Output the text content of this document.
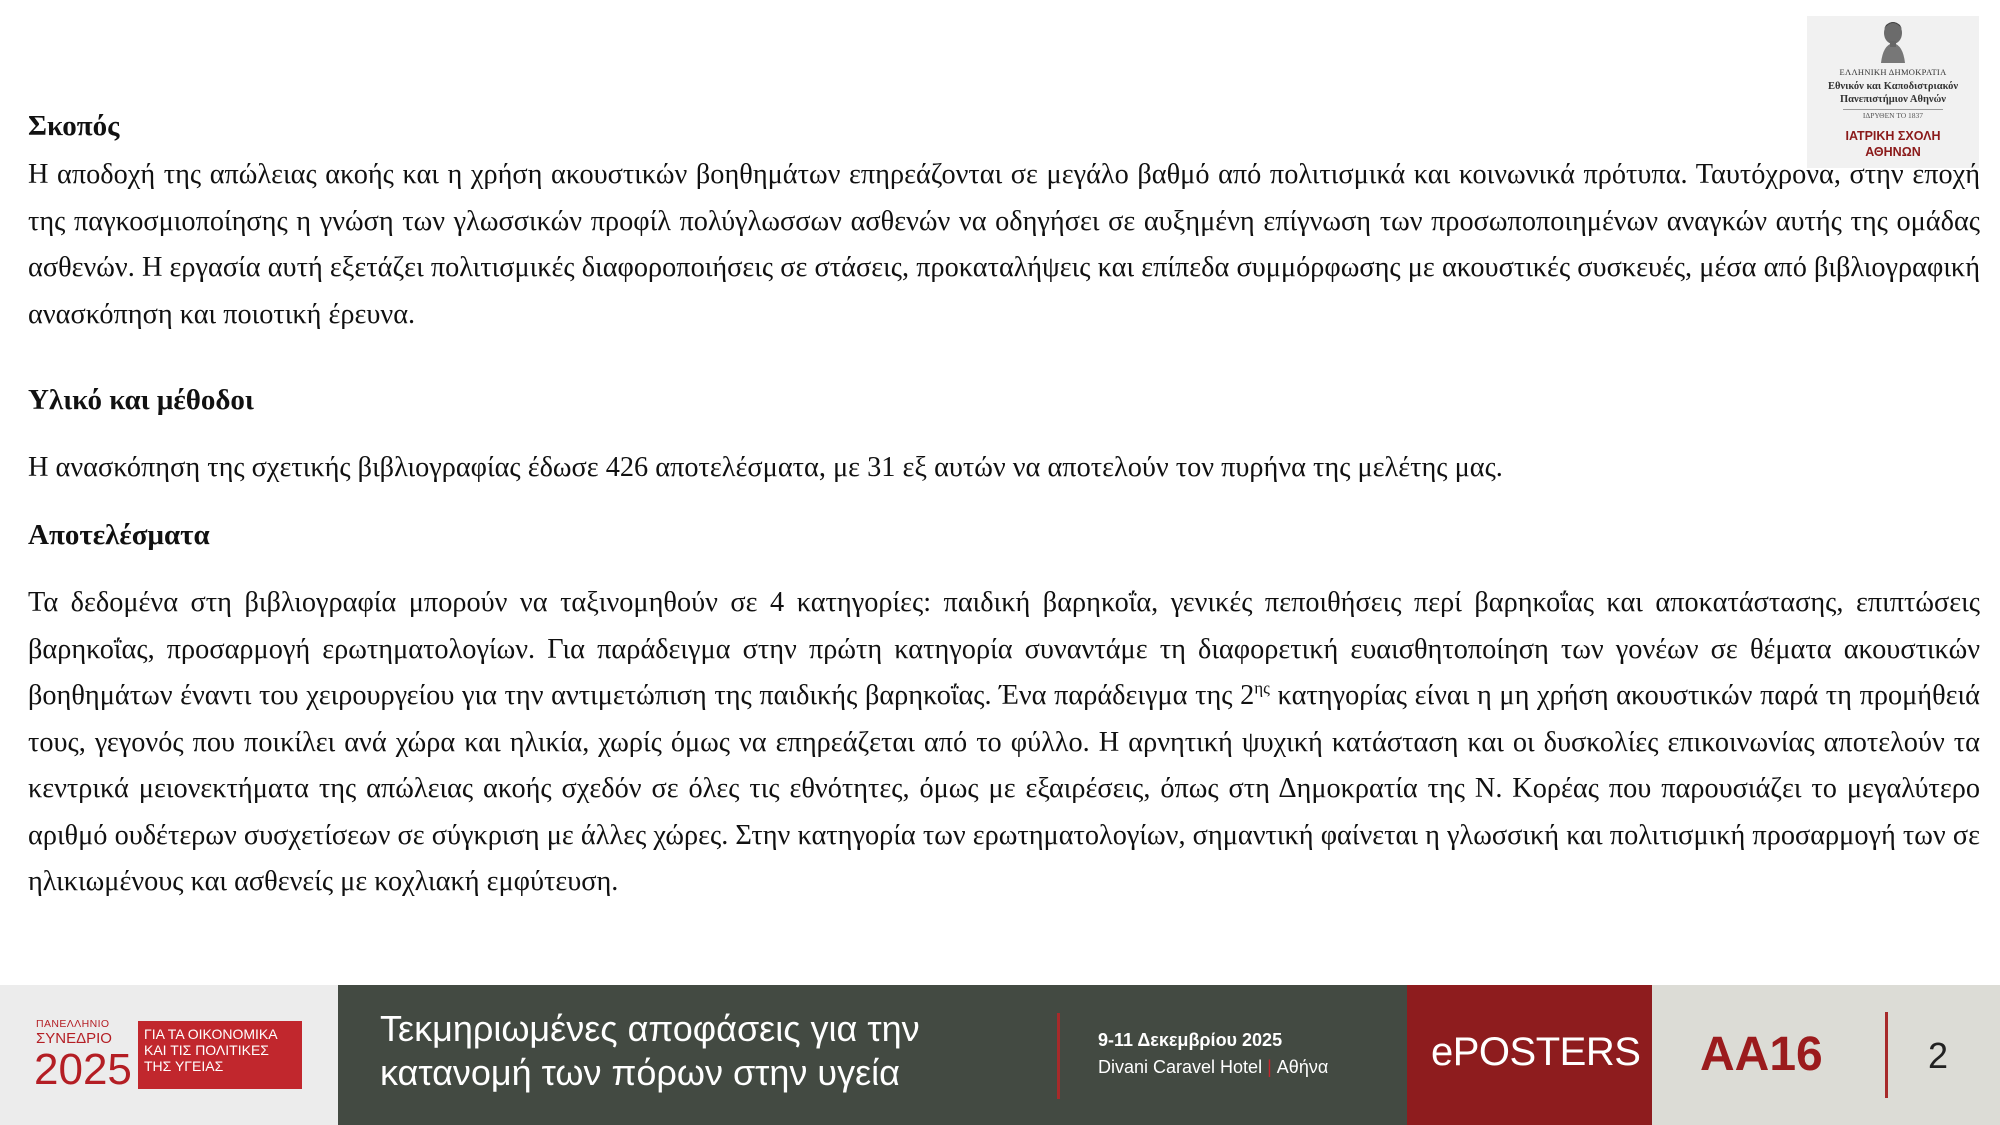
ΕΛΛΗΝΙΚΗ ΔΗΜΟΚΡΑΤΙΑ
Εθνικόν και Καποδιστριακόν
Πανεπιστήμιον Αθηνών
ΙΔΡΥΘΕΝ ΤΟ 1837
ΙΑΤΡΙΚΗ ΣΧΟΛΗ
ΑΘΗΝΩΝ
Σκοπός

Η αποδοχή της απώλειας ακοής και η χρήση ακουστικών βοηθημάτων επηρεάζονται σε μεγάλο βαθμό από πολιτισμικά και κοινωνικά πρότυπα. Ταυτόχρονα, στην εποχή της παγκοσμιοποίησης η γνώση των γλωσσικών προφίλ πολύγλωσσων ασθενών να οδηγήσει σε αυξημένη επίγνωση των προσωποποιημένων αναγκών αυτής της ομάδας ασθενών. Η εργασία αυτή εξετάζει πολιτισμικές διαφοροποιήσεις σε στάσεις, προκαταλήψεις και επίπεδα συμμόρφωσης με ακουστικές συσκευές, μέσα από βιβλιογραφική ανασκόπηση και ποιοτική έρευνα.

Υλικό και μέθοδοι

Η ανασκόπηση της σχετικής βιβλιογραφίας έδωσε 426 αποτελέσματα, με 31 εξ αυτών να αποτελούν τον πυρήνα της μελέτης μας.

Αποτελέσματα

Τα δεδομένα στη βιβλιογραφία μπορούν να ταξινομηθούν σε 4 κατηγορίες: παιδική βαρηκοΐα, γενικές πεποιθήσεις περί βαρηκοΐας και αποκατάστασης, επιπτώσεις βαρηκοΐας, προσαρμογή ερωτηματολογίων. Για παράδειγμα στην πρώτη κατηγορία συναντάμε τη διαφορετική ευαισθητοποίηση των γονέων σε θέματα ακουστικών βοηθημάτων έναντι του χειρουργείου για την αντιμετώπιση της παιδικής βαρηκοΐας. Ένα παράδειγμα της $2^{\eta\varsigma}$ κατηγορίας είναι η μη χρήση ακουστικών παρά τη προμήθειά τους, γεγονός που ποικίλει ανά χώρα και ηλικία, χωρίς όμως να επηρεάζεται από το φύλλο. Η αρνητική ψυχική κατάσταση και οι δυσκολίες επικοινωνίας αποτελούν τα κεντρικά μειονεκτήματα της απώλειας ακοής σχεδόν σε όλες τις εθνότητες, όμως με εξαιρέσεις, όπως στη Δημοκρατία της Ν. Κορέας που παρουσιάζει το μεγαλύτερο αριθμό ουδέτερων συσχετίσεων σε σύγκριση με άλλες χώρες. Στην κατηγορία των ερωτηματολογίων, σημαντική φαίνεται η γλωσσική και πολιτισμική προσαρμογή των σε ηλικιωμένους και ασθενείς με κοχλιακή εμφύτευση.

ΠΑΝΕΛΛΗΝΙΟ
ΣΥΝΕΔΡΙΟ
2025
ΓΙΑ ΤΑ ΟΙΚΟΝΟΜΙΚΑ
ΚΑΙ ΤΙΣ ΠΟΛΙΤΙΚΕΣ
ΤΗΣ ΥΓΕΙΑΣ
Τεκμηριωμένες αποφάσεις για την
κατανομή των πόρων στην υγεία
9-11 Δεκεμβρίου 2025
Divani Caravel Hotel | Αθήνα	ePOSTERS AA16	2
